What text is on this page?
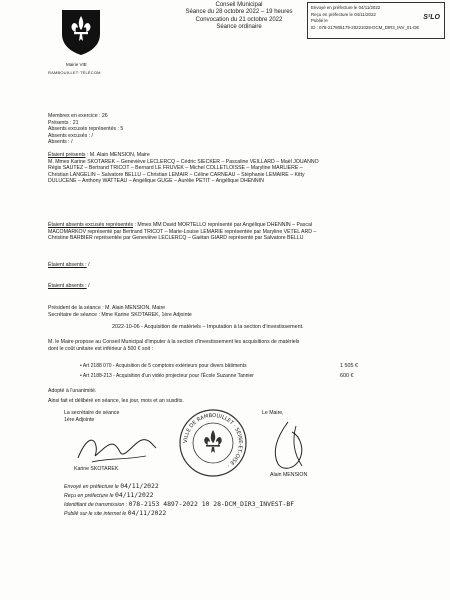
Mairie VIE
RAMBOUILLET·TÉLÉCOM
Conseil Municipal
Séance du 28 octobre 2022 – 19 heures
Convocation du 21 octobre 2022
Séance ordinaire
Envoyé en préfecture le 04/11/2022
Reçu en préfecture le 04/11/2022
Publié le
ID : 078-217805179-20221028-DCM_DIR3_INV_01-DE
S²LO
Membres en exercice : 26
Présents : 21
Absents excusés représentés : 5
Absents excusés : /
Absents : /
Étaient présents : M. Alain MENSION, Maire
M. Mmes Karine SKOTAREK – Geneviève LECLERCQ – Cédric SIECKER – Pascaline VEILLARD – Maël JOUANNO
Régis SAUTEZ – Bertrand TRICOT – Bernard LE FRUVEK – Michel COLLETLOISSE – Maryline MARLIERE –
Christian LANGELIN – Salvatore BELLU – Christian LEMAIR – Céline CARNEAU – Stéphanie LEMAIRE – Kitty
DULUCENE – Anthony WATTEAU – Angélique GUGE – Aurélie PETIT – Angélique DHENNIN
Étaient absents excusés représentés : Mmes MM David MORTELLO représenté par Angélique DHENNIN – Pascal
MACOMARKOV représenté par Bertrand TRICOT – Marie-Louise LEMARIE représentée par Maryline VETEL ARD –
Christine BARBIER représentée par Geneviève LECLERCQ – Gaëtan GIARD représenté par Salvatore BELLU
Étaient absents : /
Étaient absents : /
Président de la séance : M. Alain MENSION, Maire
Secrétaire de séance : Mme Karine SKOTAREK, 1ère Adjointe
2022-10-06 - Acquisition de matériels – Imputation à la section d'investissement.
M. le Maire propose au Conseil Municipal d'imputer à la section d'investissement les acquisitions de matériels
dont le coût unitaire est inférieur à 500 € soit :
• Art 2188 070 - Acquisition de 5 comptoirs extérieurs pour divers bâtiments	1 505 €
• Art 2188-213 - Acquisition d'un vidéo projecteur pour l'École Suzanne Tannier	600 €
Adopté à l'unanimité.
Ainsi fait et délibéré en séance, les jour, mois et an susdits.
La secrétaire de séance
1ère Adjointe
Karine SKOTAREK
VILLE DE RAMBOUILLET · SEINE-ET-OISE ·
Le Maire,
Alain MENSION
Envoyé en préfecture le 04/11/2022
Reçu en préfecture le 04/11/2022
Identifiant de transmission : 078-2153 4897-2022 10 28-DCM_DIR3_INVEST-BF
Publié sur le site internet le 04/11/2022
